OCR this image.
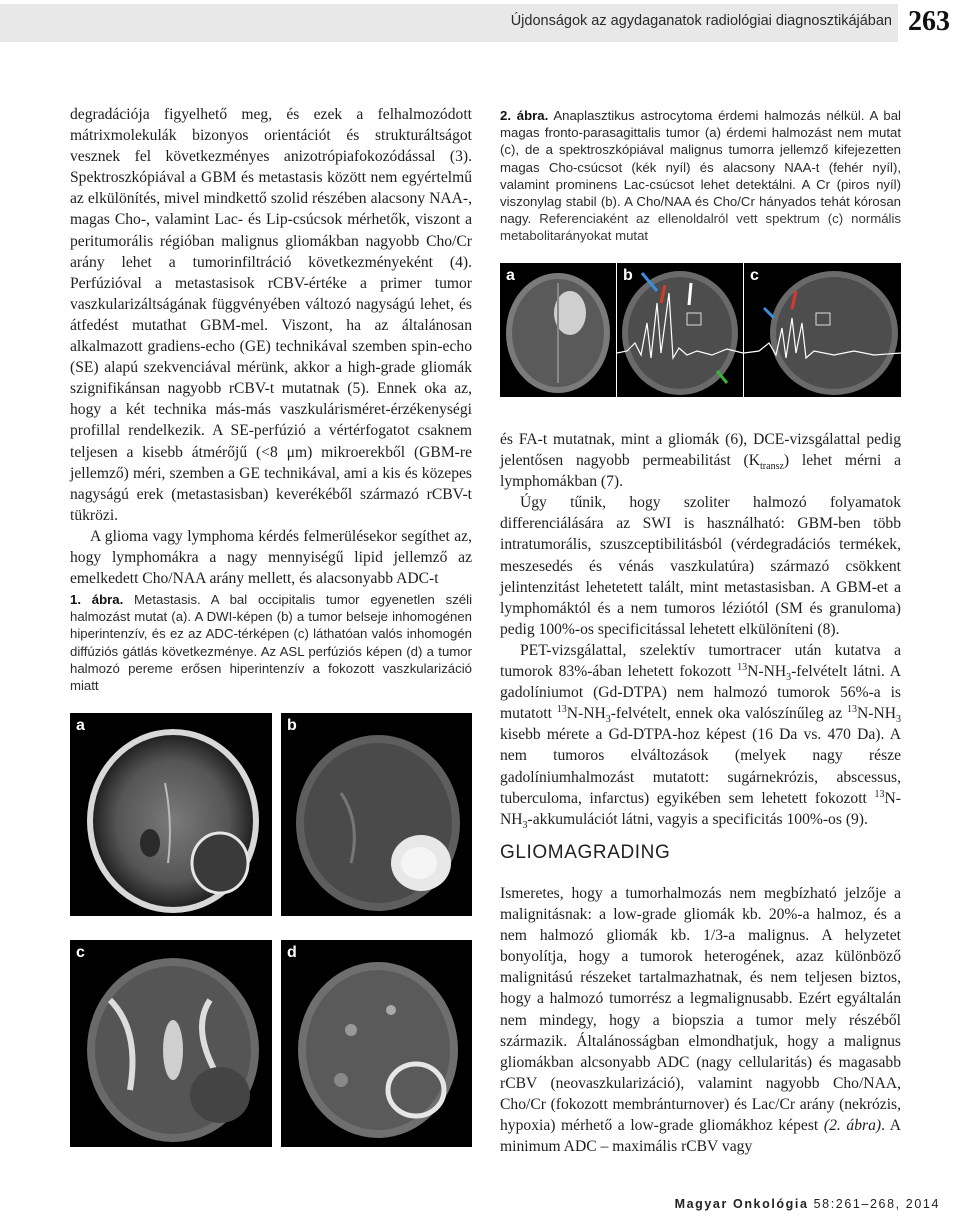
Újdonságok az agydaganatok radiológiai diagnosztikájában 263

degradációja figyelhető meg, és ezek a felhalmozódott mátrixmolekulák bizonyos orientációt és strukturáltságot vesznek fel következményes anizotrópiafokozódással (3). Spektroszkópiával a GBM és metastasis között nem egyértelmű az elkülönítés, mivel mindkettő szolid részében alacsony NAA-, magas Cho-, valamint Lac- és Lip-csúcsok mérhetők, viszont a peritumorális régióban malignus gliomákban nagyobb Cho/Cr arány lehet a tumorinfiltráció következményeként (4). Perfúzióval a metastasisok rCBV-értéke a primer tumor vaszkularizáltságának függvényében változó nagyságú lehet, és átfedést mutathat GBM-mel. Viszont, ha az általánosan alkalmazott gradiens-echo (GE) technikával szemben spin-echo (SE) alapú szekvenciával mérünk, akkor a high-grade gliomák szignifikánsan nagyobb rCBV-t mutatnak (5). Ennek oka az, hogy a két technika más-más vaszkulárisméret-érzékenységi profillal rendelkezik. A SE-perfúzió a vértérfogatot csaknem teljesen a kisebb átmérőjű (<8 μm) mikroerekből (GBM-re jellemző) méri, szemben a GE technikával, ami a kis és közepes nagyságú erek (metastasisban) keverékéből származó rCBV-t tükrözi.

A glioma vagy lymphoma kérdés felmerülésekor segíthet az, hogy lymphomákra a nagy mennyiségű lipid jellemző az emelkedett Cho/NAA arány mellett, és alacsonyabb ADC-t

1. ábra. Metastasis. A bal occipitalis tumor egyenetlen széli halmozást mutat (a). A DWI-képen (b) a tumor belseje inhomogénen hiperintenzív, és ez az ADC-térképen (c) láthatóan valós inhomogén diffúziós gátlás következménye. Az ASL perfúziós képen (d) a tumor halmozó pereme erősen hiperintenzív a fokozott vaszkularizáció miatt
a	b
c	d
2. ábra. Anaplasztikus astrocytoma érdemi halmozás nélkül. A bal magas fronto-parasagittalis tumor (a) érdemi halmozást nem mutat (c), de a spektroszkópiával malignus tumorra jellemző kifejezetten magas Cho-csúcsot (kék nyíl) és alacsony NAA-t (fehér nyíl), valamint prominens Lac-csúcsot lehet detektálni. A Cr (piros nyíl) viszonylag stabil (b). A Cho/NAA és Cho/Cr hányados tehát kórosan nagy. Referenciaként az ellenoldalról vett spektrum (c) normális metabolitarányokat mutat
a	b	c

és FA-t mutatnak, mint a gliomák (6), DCE-vizsgálattal pedig jelentősen nagyobb permeabilitást $(K_{transz})$ lehet mérni a lymphomákban (7).

Úgy tűnik, hogy szoliter halmozó folyamatok differenciálására az SWI is használható: GBM-ben több intratumorális, szuszceptibilitásból (vérdegradációs termékek, meszesedés és vénás vaszkulatúra) származó csökkent jelintenzitást lehetetett talált, mint metastasisban. A GBM-et a lymphomáktól és a nem tumoros léziótól (SM és granuloma) pedig 100%-os specificitással lehetett elkülöníteni (8).

PET-vizsgálattal, szelektív tumortracer után kutatva a tumorok 83%-ában lehetett fokozott $^{13}N-NH_3$-felvételt látni. A gadolíniumot (Gd-DTPA) nem halmozó tumorok 56%-a is mutatott $^{13}N-NH_3$-felvételt, ennek oka valószínűleg az $^{13}N-NH_3$ kisebb mérete a Gd-DTPA-hoz képest (16 Da vs. 470 Da). A nem tumoros elváltozások (melyek nagy része gadolíniumhalmozást mutatott: sugárnekrózis, abscessus, tuberculoma, infarctus) egyikében sem lehetett fokozott $^{13}N-NH_3$-akkumulációt látni, vagyis a specificitás 100%-os (9).

GLIOMAGRADING

Ismeretes, hogy a tumorhalmozás nem megbízható jelzője a malignitásnak: a low-grade gliomák kb. 20%-a halmoz, és a nem halmozó gliomák kb. 1/3-a malignus. A helyzetet bonyolítja, hogy a tumorok heterogének, azaz különböző malignitású részeket tartalmazhatnak, és nem teljesen biztos, hogy a halmozó tumorrész a legmalignusabb. Ezért egyáltalán nem mindegy, hogy a biopszia a tumor mely részéből származik. Általánosságban elmondhatjuk, hogy a malignus gliomákban alcsonyabb ADC (nagy cellularitás) és magasabb rCBV (neovaszkularizáció), valamint nagyobb Cho/NAA, Cho/Cr (fokozott membránturnover) és Lac/Cr arány (nekrózis, hypoxia) mérhető a low-grade gliomákhoz képest (2. ábra). A minimum ADC – maximális rCBV vagy

Magyar Onkológia 58:261–268, 2014
